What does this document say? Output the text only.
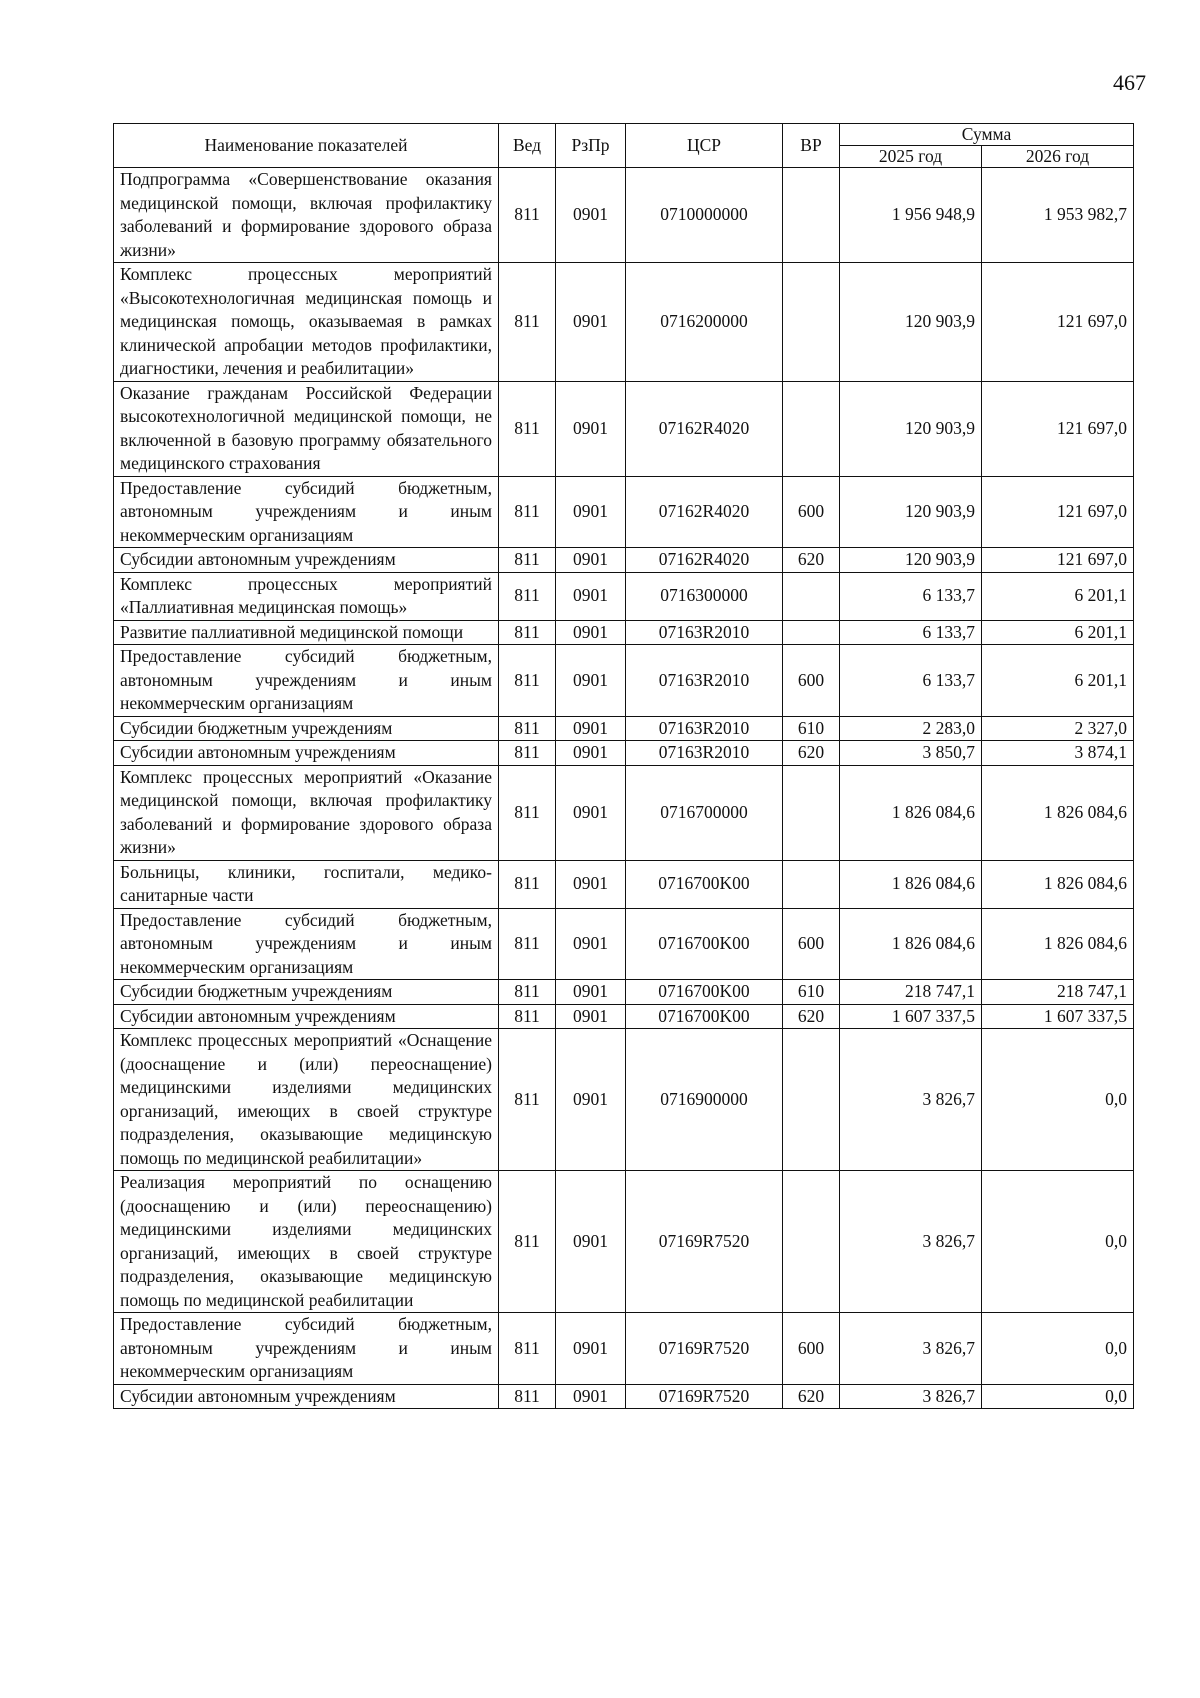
467
Наименование показателей	Вед	РзПр	ЦСР	ВР	Сумма	
					2025 год	2026 год
Подпрограмма «Совершенствование оказания медицинской помощи, включая профилактику заболеваний и формирование здорового образа жизни»	811	0901	0710000000		1 956 948,9	1 953 982,7
Комплекс процессных мероприятий «Высокотехнологичная медицинская помощь и медицинская помощь, оказываемая в рамках клинической апробации методов профилактики, диагностики, лечения и реабилитации»	811	0901	0716200000		120 903,9	121 697,0
Оказание гражданам Российской Федерации высокотехнологичной медицинской помощи, не включенной в базовую программу обязательного медицинского страхования	811	0901	07162R4020		120 903,9	121 697,0
Предоставление субсидий бюджетным, автономным учреждениям и иным некоммерческим организациям	811	0901	07162R4020	600	120 903,9	121 697,0
Субсидии автономным учреждениям	811	0901	07162R4020	620	120 903,9	121 697,0
Комплекс процессных мероприятий «Паллиативная медицинская помощь»	811	0901	0716300000		6 133,7	6 201,1
Развитие паллиативной медицинской помощи	811	0901	07163R2010		6 133,7	6 201,1
Предоставление субсидий бюджетным, автономным учреждениям и иным некоммерческим организациям	811	0901	07163R2010	600	6 133,7	6 201,1
Субсидии бюджетным учреждениям	811	0901	07163R2010	610	2 283,0	2 327,0
Субсидии автономным учреждениям	811	0901	07163R2010	620	3 850,7	3 874,1
Комплекс процессных мероприятий «Оказание медицинской помощи, включая профилактику заболеваний и формирование здорового образа жизни»	811	0901	0716700000		1 826 084,6	1 826 084,6
Больницы, клиники, госпитали, медико-санитарные части	811	0901	0716700K00		1 826 084,6	1 826 084,6
Предоставление субсидий бюджетным, автономным учреждениям и иным некоммерческим организациям	811	0901	0716700K00	600	1 826 084,6	1 826 084,6
Субсидии бюджетным учреждениям	811	0901	0716700K00	610	218 747,1	218 747,1
Субсидии автономным учреждениям	811	0901	0716700K00	620	1 607 337,5	1 607 337,5
Комплекс процессных мероприятий «Оснащение (дооснащение и (или) переоснащение) медицинскими изделиями медицинских организаций, имеющих в своей структуре подразделения, оказывающие медицинскую помощь по медицинской реабилитации»	811	0901	0716900000		3 826,7	0,0
Реализация мероприятий по оснащению (дооснащению и (или) переоснащению) медицинскими изделиями медицинских организаций, имеющих в своей структуре подразделения, оказывающие медицинскую помощь по медицинской реабилитации	811	0901	07169R7520		3 826,7	0,0
Предоставление субсидий бюджетным, автономным учреждениям и иным некоммерческим организациям	811	0901	07169R7520	600	3 826,7	0,0
Субсидии автономным учреждениям	811	0901	07169R7520	620	3 826,7	0,0
